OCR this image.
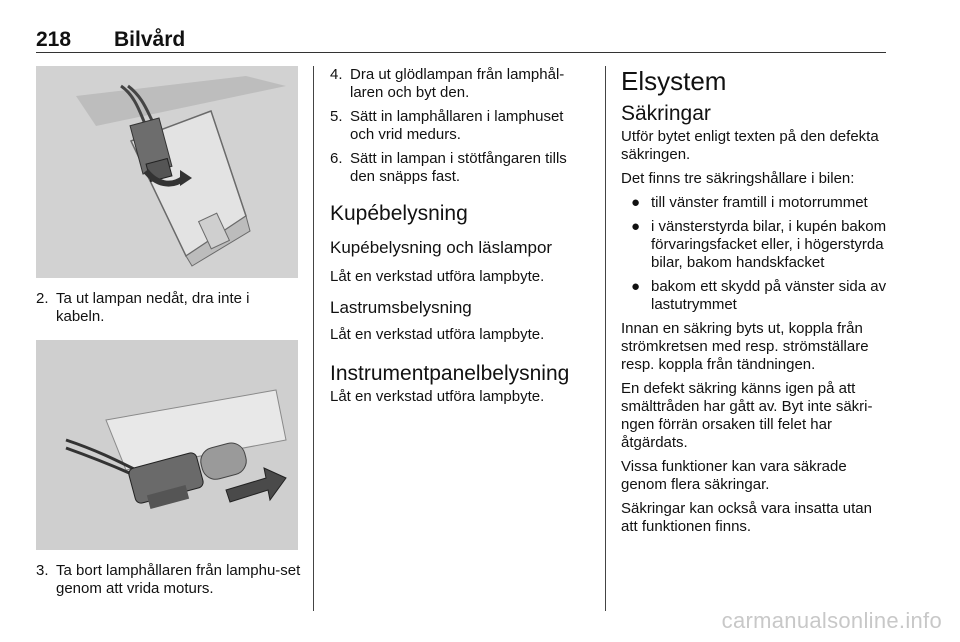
218 Bilvård
2. Ta ut lampan nedåt, dra inte i kabeln.
3. Ta bort lamphållaren från lamphu-set genom att vrida moturs.
4. Dra ut glödlampan från lamphål-laren och byt den.
5. Sätt in lamphållaren i lamphuset och vrid medurs.
6. Sätt in lampan i stötfångaren tills den snäpps fast.
Kupébelysning
Kupébelysning och läslampor

Låt en verkstad utföra lampbyte.

Lastrumsbelysning

Låt en verkstad utföra lampbyte.

Instrumentpanelbelysning

Låt en verkstad utföra lampbyte.

Elsystem
Säkringar

Utför bytet enligt texten på den defekta säkringen.

Det finns tre säkringshållare i bilen:

● till vänster framtill i motorrummet
● i vänsterstyrda bilar, i kupén bakom förvaringsfacket eller, i högerstyrda bilar, bakom handskfacket
● bakom ett skydd på vänster sida av lastutrymmet

Innan en säkring byts ut, koppla från strömkretsen med resp. strömställare resp. koppla från tändningen.

En defekt säkring känns igen på att smälttråden har gått av. Byt inte säkri-ngen förrän orsaken till felet har åtgärdats.

Vissa funktioner kan vara säkrade genom flera säkringar.

Säkringar kan också vara insatta utan att funktionen finns.

carmanualsonline.info
